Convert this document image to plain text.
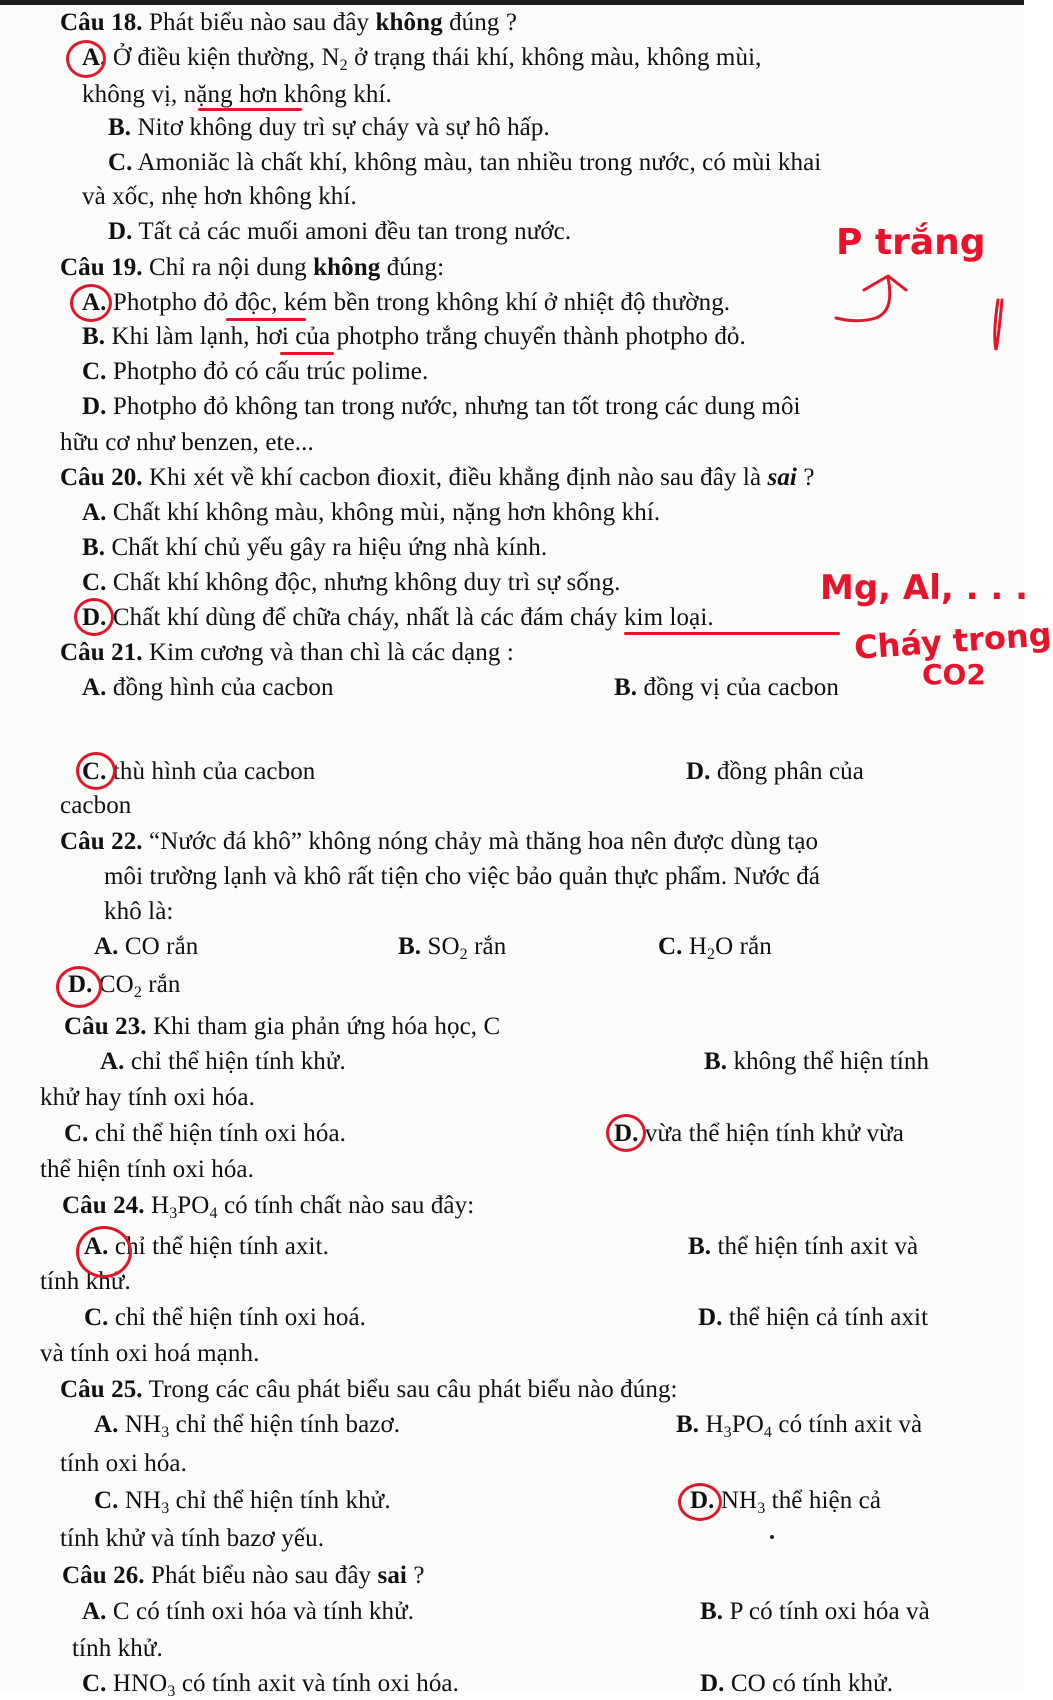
Câu 18. Phát biểu nào sau đây không đúng ?
A. Ở điều kiện thường, $N_2$ ở trạng thái khí, không màu, không mùi,
không vị, nặng hơn không khí.
B. Nitơ không duy trì sự cháy và sự hô hấp.
C. Amoniăc là chất khí, không màu, tan nhiều trong nước, có mùi khai
và xốc, nhẹ hơn không khí.
D. Tất cả các muối amoni đều tan trong nước.
Câu 19. Chỉ ra nội dung không đúng:
A. Photpho đỏ độc, kém bền trong không khí ở nhiệt độ thường.
B. Khi làm lạnh, hơi của photpho trắng chuyển thành photpho đỏ.
C. Photpho đỏ có cấu trúc polime.
D. Photpho đỏ không tan trong nước, nhưng tan tốt trong các dung môi
hữu cơ như benzen, ete...
Câu 20. Khi xét về khí cacbon đioxit, điều khẳng định nào sau đây là sai ?
A. Chất khí không màu, không mùi, nặng hơn không khí.
B. Chất khí chủ yếu gây ra hiệu ứng nhà kính.
C. Chất khí không độc, nhưng không duy trì sự sống.
D. Chất khí dùng để chữa cháy, nhất là các đám cháy kim loại.
Câu 21. Kim cương và than chì là các dạng :
A. đồng hình của cacbon	B. đồng vị của cacbon
C. thù hình của cacbon	D. đồng phân của
cacbon
Câu 22. “Nước đá khô” không nóng chảy mà thăng hoa nên được dùng tạo
môi trường lạnh và khô rất tiện cho việc bảo quản thực phẩm. Nước đá
khô là:
A. CO rắn	B. $SO_2$ rắn	C. $H_2O$ rắn
D. $CO_2$ rắn
Câu 23. Khi tham gia phản ứng hóa học, C
A. chỉ thể hiện tính khử.	B. không thể hiện tính
khử hay tính oxi hóa.
C. chỉ thể hiện tính oxi hóa.	D. vừa thể hiện tính khử vừa
thể hiện tính oxi hóa.
Câu 24. $H_3PO_4$ có tính chất nào sau đây:
A. chỉ thể hiện tính axit.	B. thể hiện tính axit và
tính khử.
C. chỉ thể hiện tính oxi hoá.	D. thể hiện cả tính axit
và tính oxi hoá mạnh.
Câu 25. Trong các câu phát biểu sau câu phát biểu nào đúng:
A. $NH_3$ chỉ thể hiện tính bazơ.	B. $H_3PO_4$ có tính axit và
tính oxi hóa.
C. $NH_3$ chỉ thể hiện tính khử.	D. $NH_3$ thể hiện cả
tính khử và tính bazơ yếu.
Câu 26. Phát biểu nào sau đây sai ?
A. C có tính oxi hóa và tính khử.	B. P có tính oxi hóa và
tính khử.
C. $HNO_3$ có tính axit và tính oxi hóa.	D. CO có tính khử.
P trắng
Mg, Al, . . .
Cháy trong
CO2
